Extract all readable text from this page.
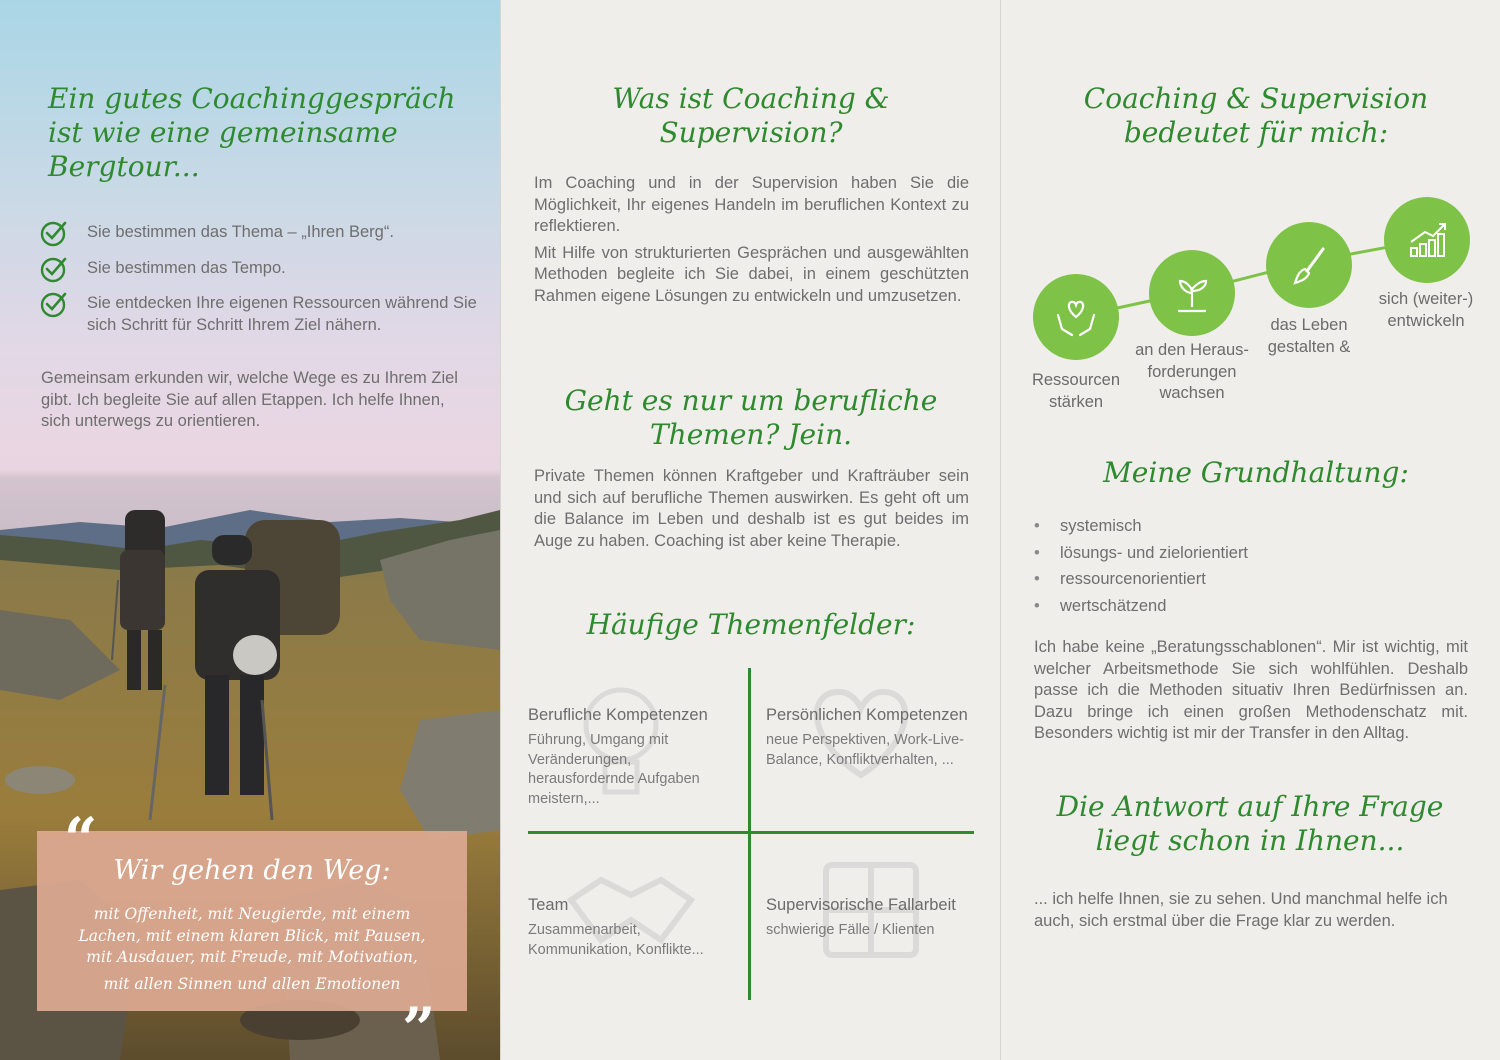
Ein gutes Coachinggespräch ist wie eine gemeinsame Bergtour...
Sie bestimmen das Thema – „Ihren Berg“.
Sie bestimmen das Tempo.
Sie entdecken Ihre eigenen Ressourcen während Sie sich Schritt für Schritt Ihrem Ziel nähern.
Gemeinsam erkunden wir, welche Wege es zu Ihrem Ziel gibt. Ich begleite Sie auf allen Etappen. Ich helfe Ihnen, sich unterwegs zu orientieren.
Wir gehen den Weg:
mit Offenheit, mit Neugierde, mit einem
Lachen, mit einem klaren Blick, mit Pausen,
mit Ausdauer, mit Freude, mit Motivation,
mit allen Sinnen und allen Emotionen
“
”
Was ist Coaching & Supervision?

Im Coaching und in der Supervision haben Sie die Möglichkeit, Ihr eigenes Handeln im beruflichen Kontext zu reflektieren.

Mit Hilfe von strukturierten Gesprächen und ausgewählten Methoden begleite ich Sie dabei, in einem geschützten Rahmen eigene Lösungen zu entwickeln und umzusetzen.

Geht es nur um berufliche Themen? Jein.
Private Themen können Kraftgeber und Krafträuber sein und sich auf berufliche Themen auswirken. Es geht oft um die Balance im Leben und deshalb ist es gut beides im Auge zu haben. Coaching ist aber keine Therapie.
Häufige Themenfelder:
Berufliche Kompetenzen
Führung, Umgang mit Veränderungen, herausfordernde Aufgaben meistern,...
Persönlichen Kompetenzen
neue Perspektiven, Work-Live-Balance, Konfliktverhalten, ...
Team
Zusammenarbeit, Kommunikation, Konflikte...
Supervisorische Fallarbeit
schwierige Fälle / Klienten
Coaching & Supervision bedeutet für mich:
Ressourcen
stärken
an den Heraus-
forderungen
wachsen
das Leben
gestalten &
sich (weiter-)
entwickeln
Meine Grundhaltung:
• systemisch
• lösungs- und zielorientiert
• ressourcenorientiert
• wertschätzend
Ich habe keine „Beratungsschablonen“. Mir ist wichtig, mit welcher Arbeitsmethode Sie sich wohlfühlen. Deshalb passe ich die Methoden situativ Ihren Bedürfnissen an. Dazu bringe ich einen großen Methodenschatz mit. Besonders wichtig ist mir der Transfer in den Alltag.
Die Antwort auf Ihre Frage liegt schon in Ihnen...
... ich helfe Ihnen, sie zu sehen. Und manchmal helfe ich auch, sich erstmal über die Frage klar zu werden.
